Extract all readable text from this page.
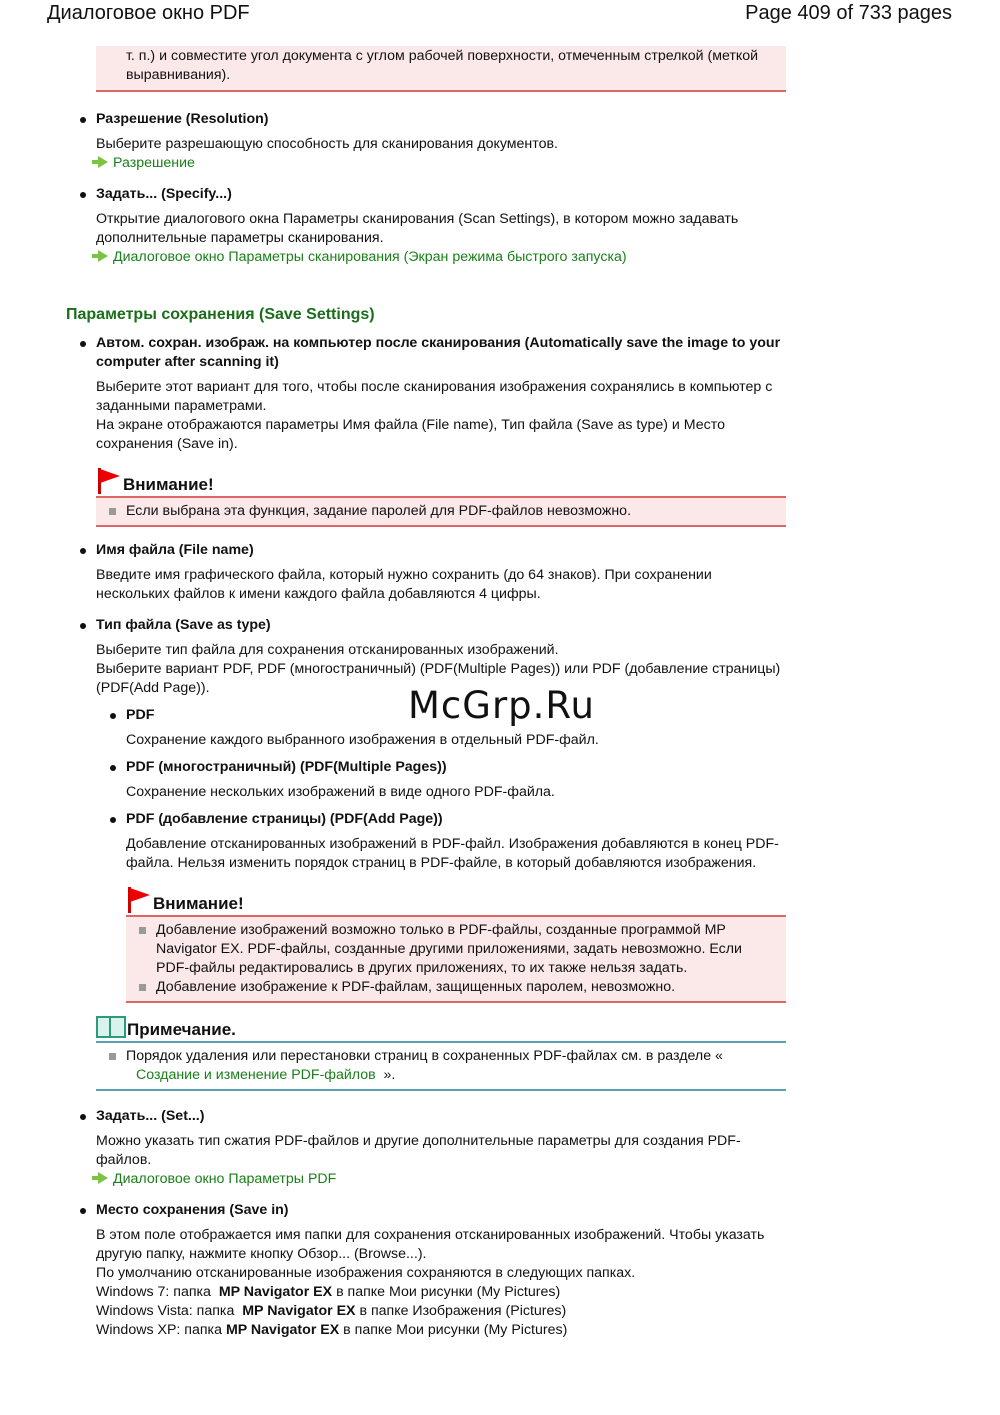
Диалоговое окно PDF	Page 409 of 733 pages
т. п.) и совместите угол документа с углом рабочей поверхности, отмеченным стрелкой (меткой выравнивания).
Разрешение (Resolution)
Выберите разрешающую способность для сканирования документов.
Разрешение
Задать... (Specify...)
Открытие диалогового окна Параметры сканирования (Scan Settings), в котором можно задавать дополнительные параметры сканирования.
Диалоговое окно Параметры сканирования (Экран режима быстрого запуска)
Параметры сохранения (Save Settings)
Автом. сохран. изображ. на компьютер после сканирования (Automatically save the image to your computer after scanning it)
Выберите этот вариант для того, чтобы после сканирования изображения сохранялись в компьютер с заданными параметрами.
На экране отображаются параметры Имя файла (File name), Тип файла (Save as type) и Место сохранения (Save in).
Внимание!
Если выбрана эта функция, задание паролей для PDF-файлов невозможно.
Имя файла (File name)
Введите имя графического файла, который нужно сохранить (до 64 знаков). При сохранении нескольких файлов к имени каждого файла добавляются 4 цифры.
Тип файла (Save as type)
Выберите тип файла для сохранения отсканированных изображений.
Выберите вариант PDF, PDF (многостраничный) (PDF(Multiple Pages)) или PDF (добавление страницы) (PDF(Add Page)).
PDF
Сохранение каждого выбранного изображения в отдельный PDF-файл.
PDF (многостраничный) (PDF(Multiple Pages))
Сохранение нескольких изображений в виде одного PDF-файла.
PDF (добавление страницы) (PDF(Add Page))
Добавление отсканированных изображений в PDF-файл. Изображения добавляются в конец PDF-файла. Нельзя изменить порядок страниц в PDF-файле, в который добавляются изображения.
Внимание!
Добавление изображений возможно только в PDF-файлы, созданные программой MP Navigator EX. PDF-файлы, созданные другими приложениями, задать невозможно. Если PDF-файлы редактировались в других приложениях, то их также нельзя задать.
Добавление изображение к PDF-файлам, защищенных паролем, невозможно.
Примечание.
Порядок удаления или перестановки страниц в сохраненных PDF-файлах см. в разделе «
Создание и изменение PDF-файлов ».
Задать... (Set...)
Можно указать тип сжатия PDF-файлов и другие дополнительные параметры для создания PDF-файлов.
Диалоговое окно Параметры PDF
Место сохранения (Save in)
В этом поле отображается имя папки для сохранения отсканированных изображений. Чтобы указать другую папку, нажмите кнопку Обзор... (Browse...).
По умолчанию отсканированные изображения сохраняются в следующих папках.
Windows 7: папка MP Navigator EX в папке Мои рисунки (My Pictures)
Windows Vista: папка MP Navigator EX в папке Изображения (Pictures)
Windows XP: папка MP Navigator EX в папке Мои рисунки (My Pictures)
McGrp.Ru
